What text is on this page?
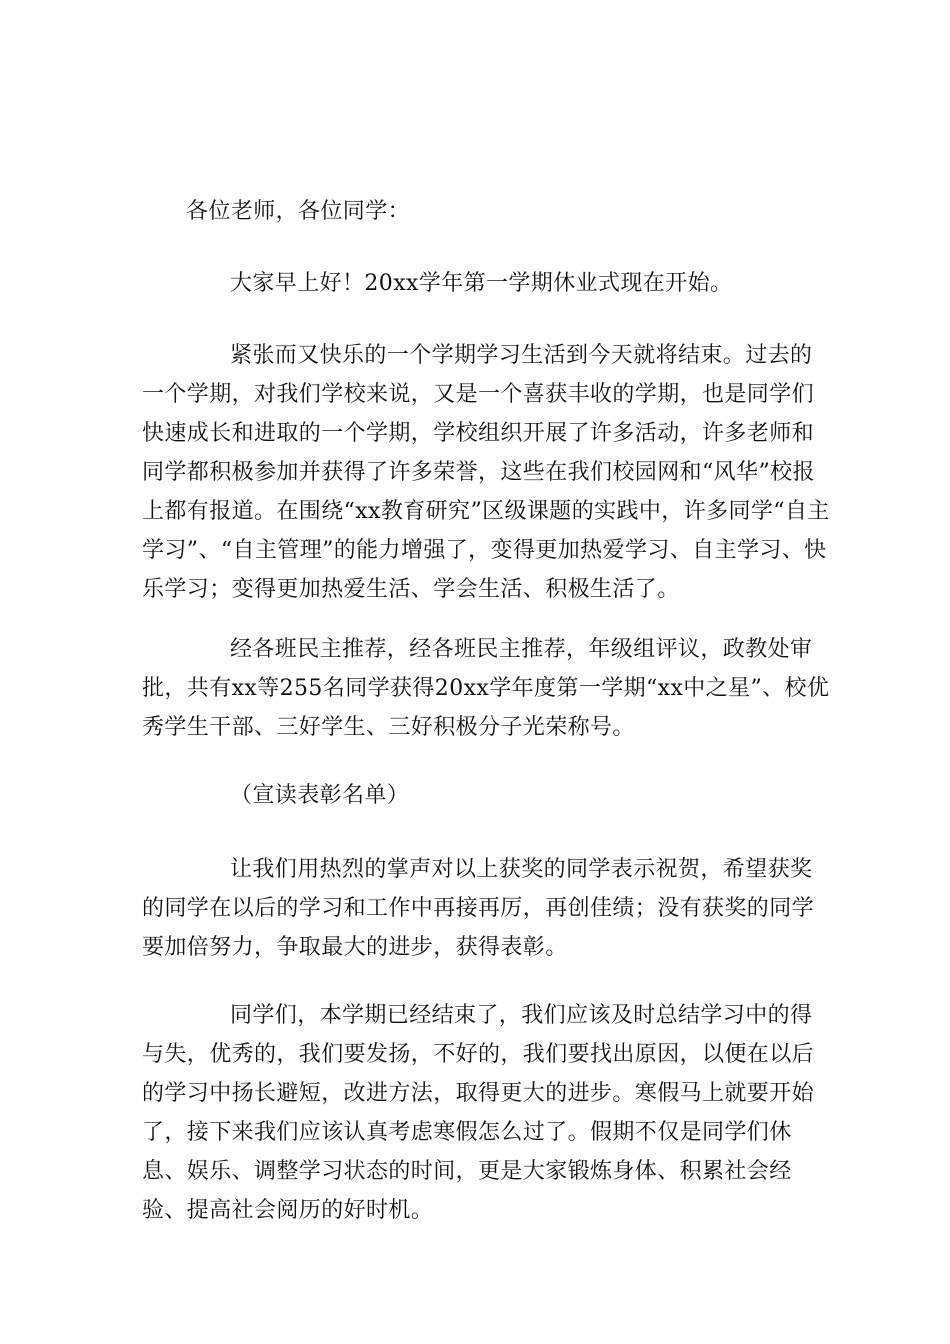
各位老师，各位同学：

大家早上好！20xx学年第一学期休业式现在开始。

紧张而又快乐的一个学期学习生活到今天就将结束。过去的一个学期，对我们学校来说，又是一个喜获丰收的学期，也是同学们快速成长和进取的一个学期，学校组织开展了许多活动，许多老师和同学都积极参加并获得了许多荣誉，这些在我们校园网和“风华”校报上都有报道。在围绕“xx教育研究”区级课题的实践中，许多同学“自主学习”、“自主管理”的能力增强了，变得更加热爱学习、自主学习、快乐学习；变得更加热爱生活、学会生活、积极生活了。

经各班民主推荐，经各班民主推荐，年级组评议，政教处审批，共有xx等255名同学获得20xx学年度第一学期“xx中之星”、校优秀学生干部、三好学生、三好积极分子光荣称号。

（宣读表彰名单）

让我们用热烈的掌声对以上获奖的同学表示祝贺，希望获奖的同学在以后的学习和工作中再接再厉，再创佳绩；没有获奖的同学要加倍努力，争取最大的进步，获得表彰。

同学们，本学期已经结束了，我们应该及时总结学习中的得与失，优秀的，我们要发扬，不好的，我们要找出原因，以便在以后的学习中扬长避短，改进方法，取得更大的进步。寒假马上就要开始了，接下来我们应该认真考虑寒假怎么过了。假期不仅是同学们休息、娱乐、调整学习状态的时间，更是大家锻炼身体、积累社会经验、提高社会阅历的好时机。
